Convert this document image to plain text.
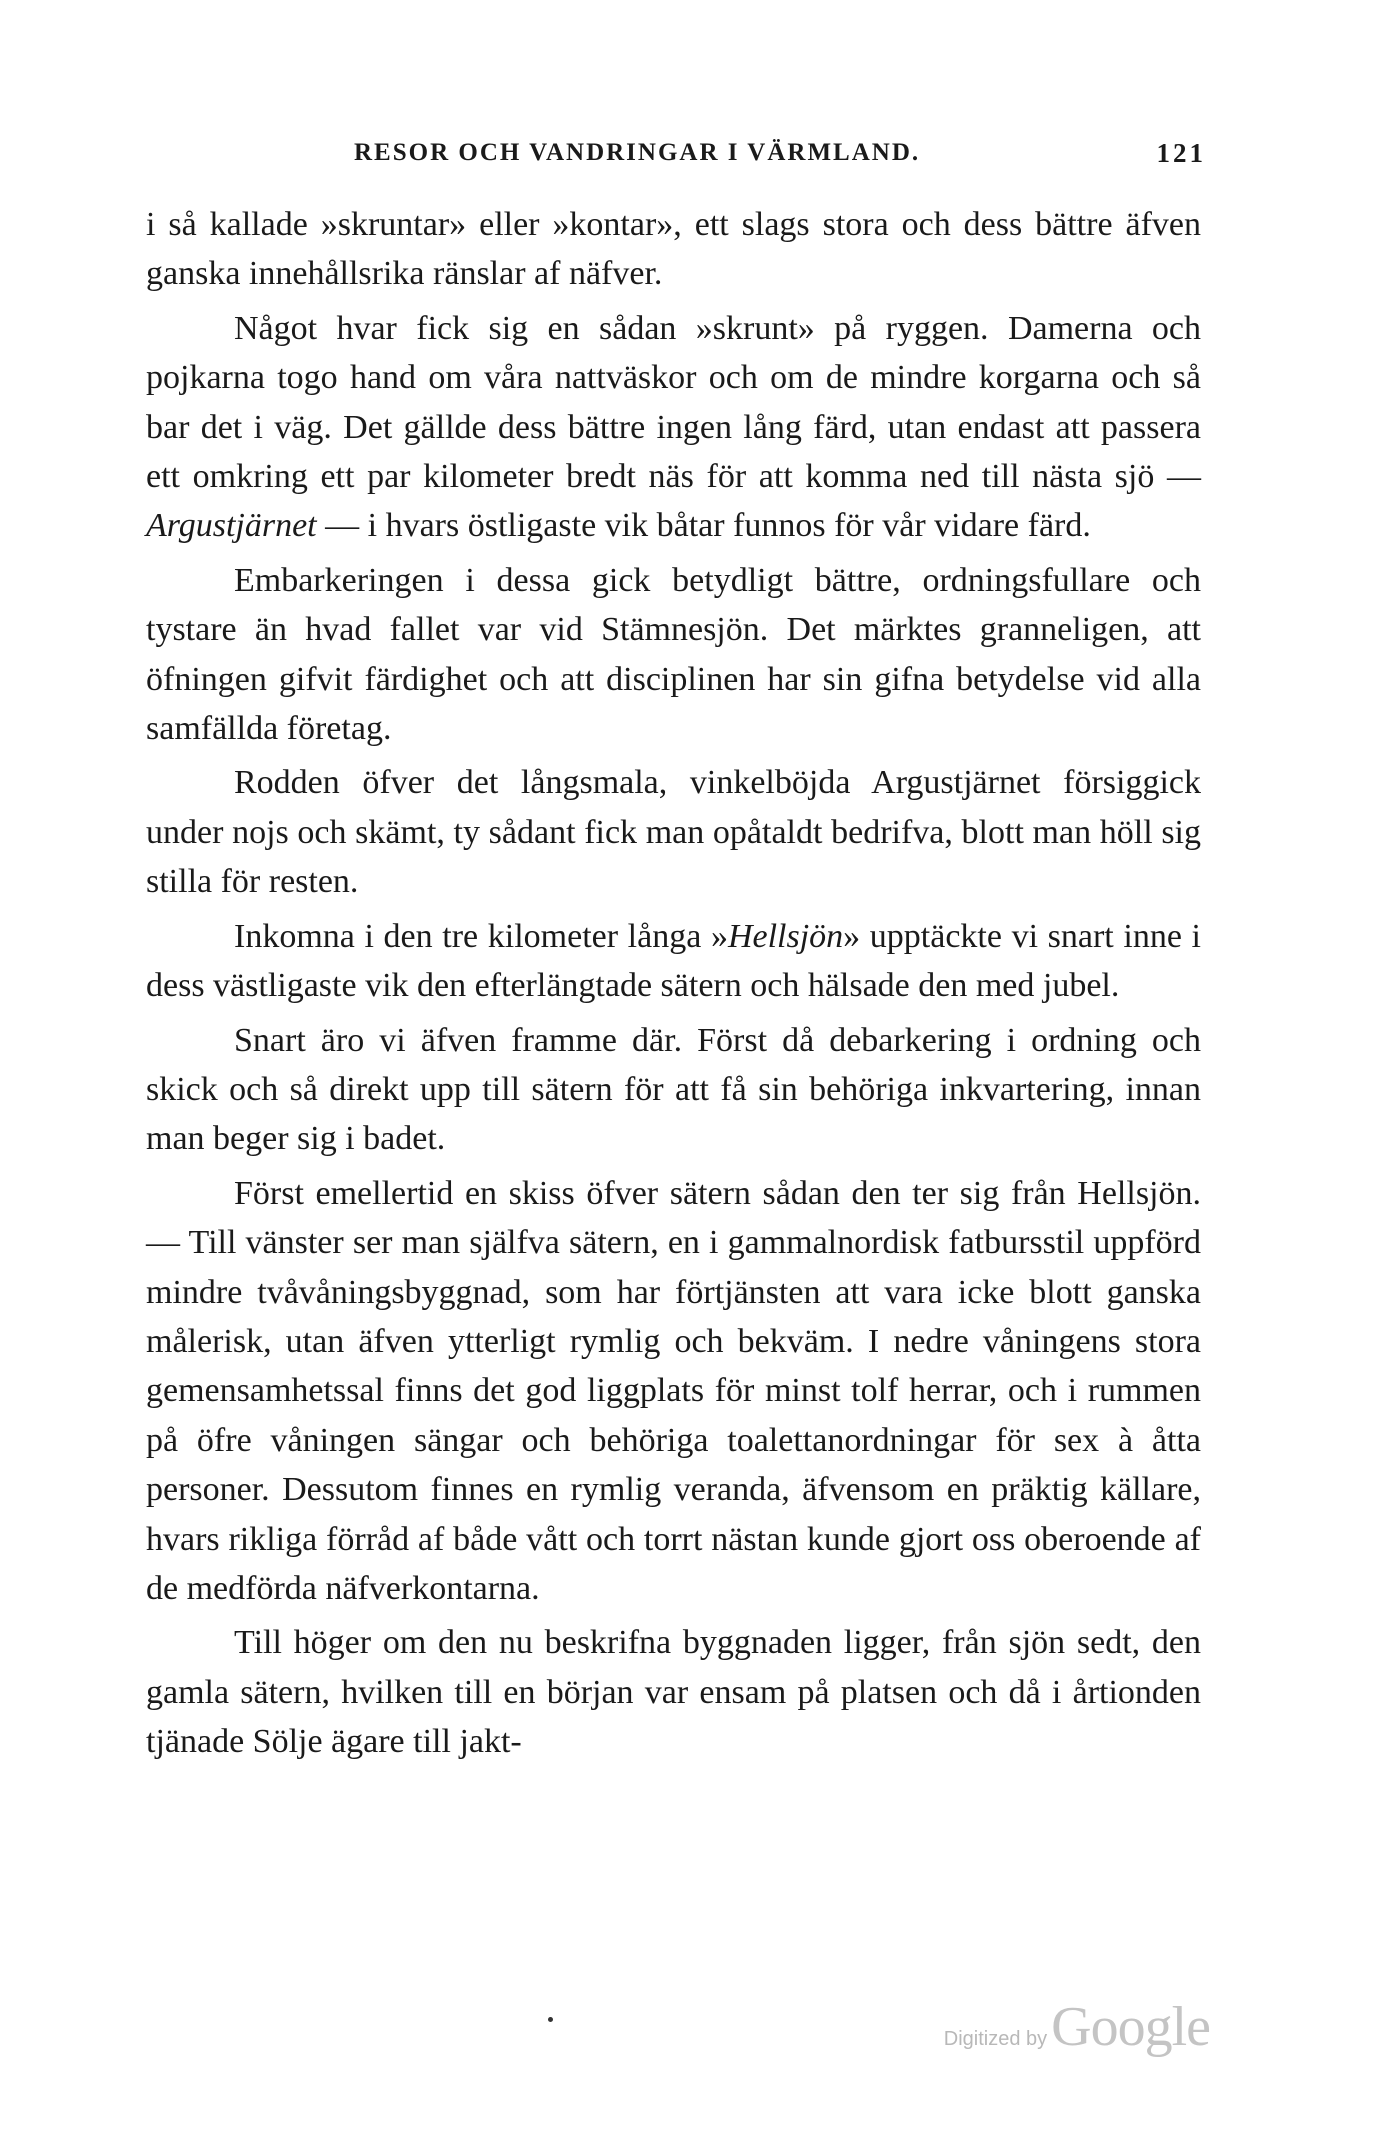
RESOR OCH VANDRINGAR I VÄRMLAND.	121

i så kallade »skruntar» eller »kontar», ett slags stora och dess bättre äfven ganska innehållsrika ränslar af näfver.

Något hvar fick sig en sådan »skrunt» på ryggen. Damerna och pojkarna togo hand om våra nattväskor och om de mindre korgarna och så bar det i väg. Det gällde dess bättre ingen lång färd, utan endast att passera ett omkring ett par kilometer bredt näs för att komma ned till nästa sjö — Argustjärnet — i hvars östligaste vik båtar funnos för vår vidare färd.

Embarkeringen i dessa gick betydligt bättre, ordningsfullare och tystare än hvad fallet var vid Stämnesjön. Det märktes granneligen, att öfningen gifvit färdighet och att disciplinen har sin gifna betydelse vid alla samfällda företag.

Rodden öfver det långsmala, vinkelböjda Argustjärnet försiggick under nojs och skämt, ty sådant fick man opåtaldt bedrifva, blott man höll sig stilla för resten.

Inkomna i den tre kilometer långa »Hellsjön» upptäckte vi snart inne i dess västligaste vik den efterlängtade sätern och hälsade den med jubel.

Snart äro vi äfven framme där. Först då debarkering i ordning och skick och så direkt upp till sätern för att få sin behöriga inkvartering, innan man beger sig i badet.

Först emellertid en skiss öfver sätern sådan den ter sig från Hellsjön. — Till vänster ser man själfva sätern, en i gammalnordisk fatbursstil uppförd mindre tvåvåningsbyggnad, som har förtjänsten att vara icke blott ganska målerisk, utan äfven ytterligt rymlig och bekväm. I nedre våningens stora gemensamhetssal finns det god liggplats för minst tolf herrar, och i rummen på öfre våningen sängar och behöriga toalettanordningar för sex à åtta personer. Dessutom finnes en rymlig veranda, äfvensom en präktig källare, hvars rikliga förråd af både vått och torrt nästan kunde gjort oss oberoende af de medförda näfverkontarna.

Till höger om den nu beskrifna byggnaden ligger, från sjön sedt, den gamla sätern, hvilken till en början var ensam på platsen och då i årtionden tjänade Sölje ägare till jakt-

Digitized by Google
